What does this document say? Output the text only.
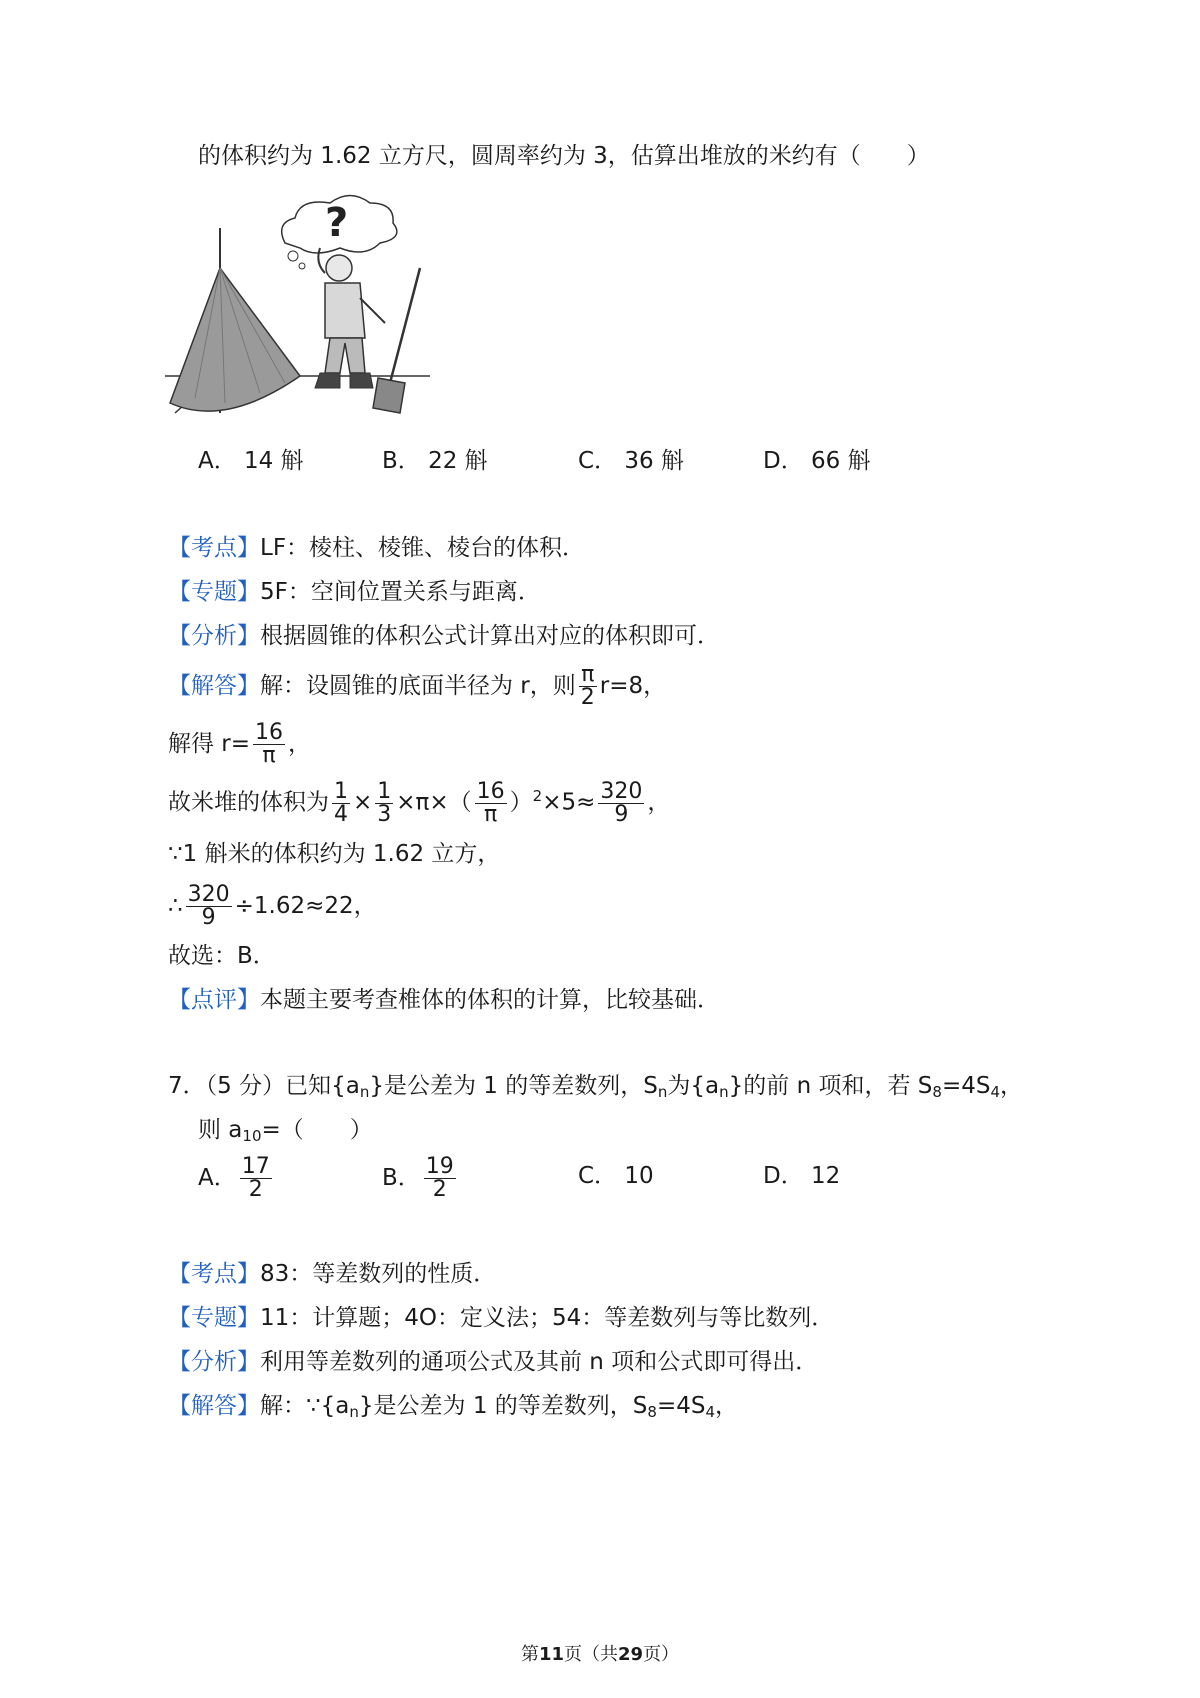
的体积约为 1.62 立方尺，圆周率约为 3，估算出堆放的米约有（　　）
?
A． 14 斛	B． 22 斛	C． 36 斛	D． 66 斛
【考点】LF：棱柱、棱锥、棱台的体积．
【专题】5F：空间位置关系与距离．
【分析】根据圆锥的体积公式计算出对应的体积即可．
【解答】解：设圆锥的底面半径为 r，则 $\frac{\pi}{2} r=8$，
解得 $r= \frac{16}{\pi}$ ，
故米堆的体积为 $\frac{1}{4} \times \frac{1}{3} \times\pi\times( \frac{16}{\pi} )^2\times 5\approx \frac{320}{9}$ ，
∵1 斛米的体积约为 1.62 立方，
∴ $\frac{320}{9} \div 1.62\approx 22$，
故选：B．
【点评】本题主要考查椎体的体积的计算，比较基础．
7．（5 分）已知$\{a_n\}$是公差为 1 的等差数列，$S_n$为$\{a_n\}$的前 n 项和，若 $S_8=4S_4$，
则 $a_{10}=$（　　）
A． $\frac{17}{2}$	B． $\frac{19}{2}$	C． 10	D． 12
【考点】83：等差数列的性质．
【专题】11：计算题；4O：定义法；54：等差数列与等比数列．
【分析】利用等差数列的通项公式及其前 n 项和公式即可得出．
【解答】解：$\because\{a_n\}$是公差为 1 的等差数列，$S_8=4S_4$，
第11页（共29页）
